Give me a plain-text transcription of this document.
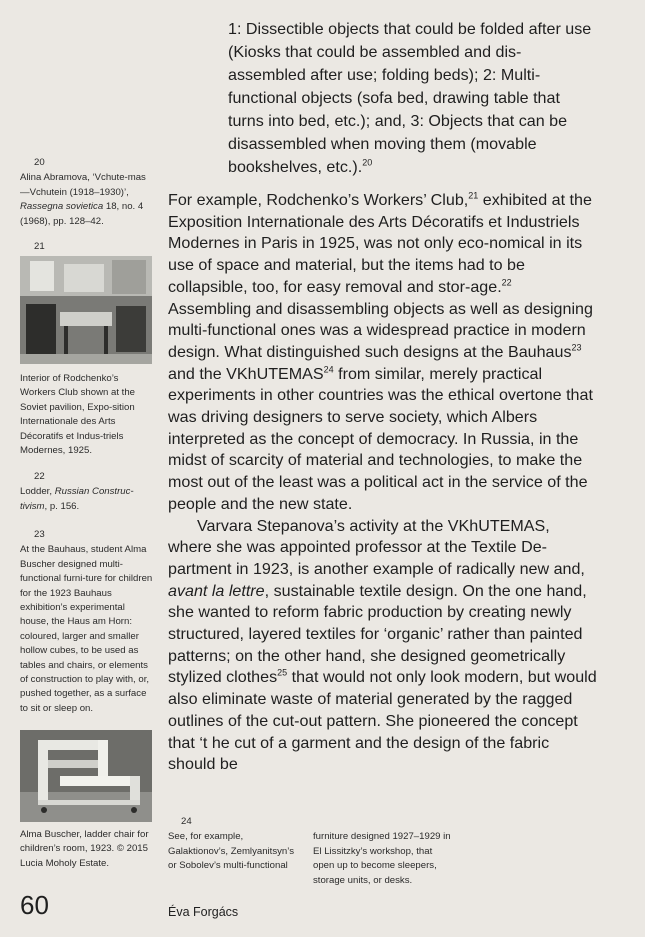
1: Dissectible objects that could be folded after use (Kiosks that could be assembled and dis-assembled after use; folding beds); 2: Multi-functional objects (sofa bed, drawing table that turns into bed, etc.); and, 3: Objects that can be disassembled when moving them (movable bookshelves, etc.).$^{20}$

For example, Rodchenko’s Workers’ Club,$^{21}$ exhibited at the Exposition Internationale des Arts Décoratifs et Industriels Modernes in Paris in 1925, was not only eco-nomical in its use of space and material, but the items had to be collapsible, too, for easy removal and stor-age.$^{22}$ Assembling and disassembling objects as well as designing multi-functional ones was a widespread practice in modern design. What distinguished such designs at the Bauhaus$^{23}$ and the VKhUTEMAS$^{24}$ from similar, merely practical experiments in other countries was the ethical overtone that was driving designers to serve society, which Albers interpreted as the concept of democracy. In Russia, in the midst of scarcity of material and technologies, to make the most out of the least was a political act in the service of the people and the new state.

Varvara Stepanova’s activity at the VKhUTEMAS, where she was appointed professor at the Textile De-partment in 1923, is another example of radically new and, avant la lettre, sustainable textile design. On the one hand, she wanted to reform fabric production by creating newly structured, layered textiles for ‘organic’ rather than painted patterns; on the other hand, she designed geometrically stylized clothes$^{25}$ that would not only look modern, but would also eliminate waste of material generated by the ragged outlines of the cut-out pattern. She pioneered the concept that ‘t he cut of a garment and the design of the fabric should be

20
Alina Abramova, ‘Vchute-mas—Vchutein (1918–1930)’, Rassegna sovietica 18, no. 4 (1968), pp. 128–42.
21
Interior of Rodchenko’s Workers Club shown at the Soviet pavilion, Expo-sition Internationale des Arts Décoratifs et Indus-triels Modernes, 1925.
22
Lodder, Russian Construc-tivism, p. 156.
23
At the Bauhaus, student Alma Buscher designed multi-functional furni-ture for children for the 1923 Bauhaus exhibition’s experimental house, the Haus am Horn: coloured, larger and smaller hollow cubes, to be used as tables and chairs, or elements of construction to play with, or, pushed together, as a surface to sit or sleep on.
Alma Buscher, ladder chair for children’s room, 1923. © 2015 Lucia Moholy Estate.
24
See, for example, Galaktionov’s, Zemlyanitsyn’s or Sobolev’s multi-functional
furniture designed 1927–1929 in El Lissitzky’s workshop, that open up to become sleepers, storage units, or desks.
60	Éva Forgács
